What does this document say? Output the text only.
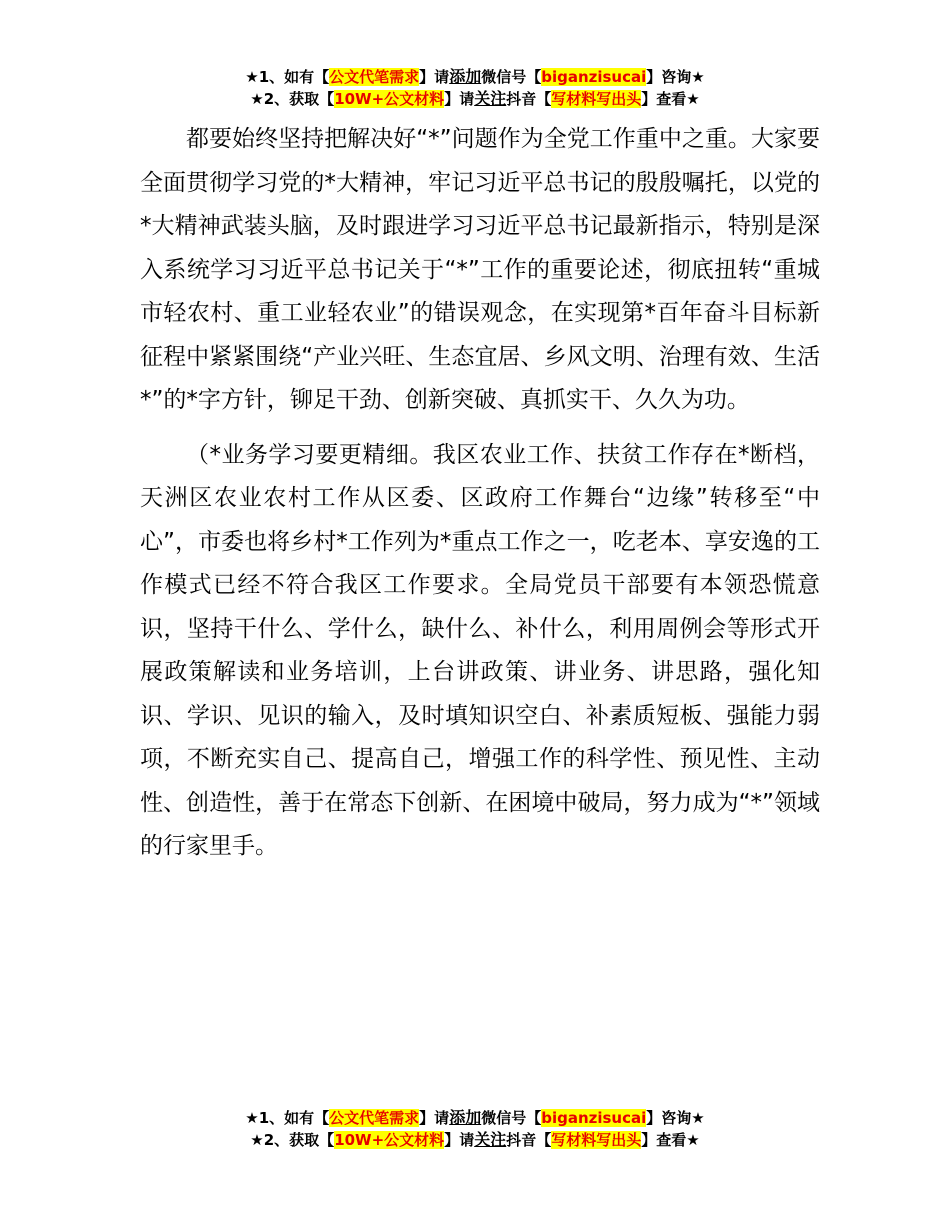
★1、如有【公文代笔需求】请添加微信号【biganzisucai】咨询★
★2、获取【10W+公文材料】请关注抖音【写材料写出头】查看★

都要始终坚持把解决好“*”问题作为全党工作重中之重。大家要全面贯彻学习党的*大精神，牢记习近平总书记的殷殷嘱托，以党的*大精神武装头脑，及时跟进学习习近平总书记最新指示，特别是深入系统学习习近平总书记关于“*”工作的重要论述，彻底扭转“重城市轻农村、重工业轻农业”的错误观念，在实现第*百年奋斗目标新征程中紧紧围绕“产业兴旺、生态宜居、乡风文明、治理有效、生活*”的*字方针，铆足干劲、创新突破、真抓实干、久久为功。

（*业务学习要更精细。我区农业工作、扶贫工作存在*断档，天洲区农业农村工作从区委、区政府工作舞台“边缘”转移至“中心”，市委也将乡村*工作列为*重点工作之一，吃老本、享安逸的工作模式已经不符合我区工作要求。全局党员干部要有本领恐慌意识，坚持干什么、学什么，缺什么、补什么，利用周例会等形式开展政策解读和业务培训，上台讲政策、讲业务、讲思路，强化知识、学识、见识的输入，及时填知识空白、补素质短板、强能力弱项，不断充实自己、提高自己，增强工作的科学性、预见性、主动性、创造性，善于在常态下创新、在困境中破局，努力成为“*”领域的行家里手。

★1、如有【公文代笔需求】请添加微信号【biganzisucai】咨询★
★2、获取【10W+公文材料】请关注抖音【写材料写出头】查看★
